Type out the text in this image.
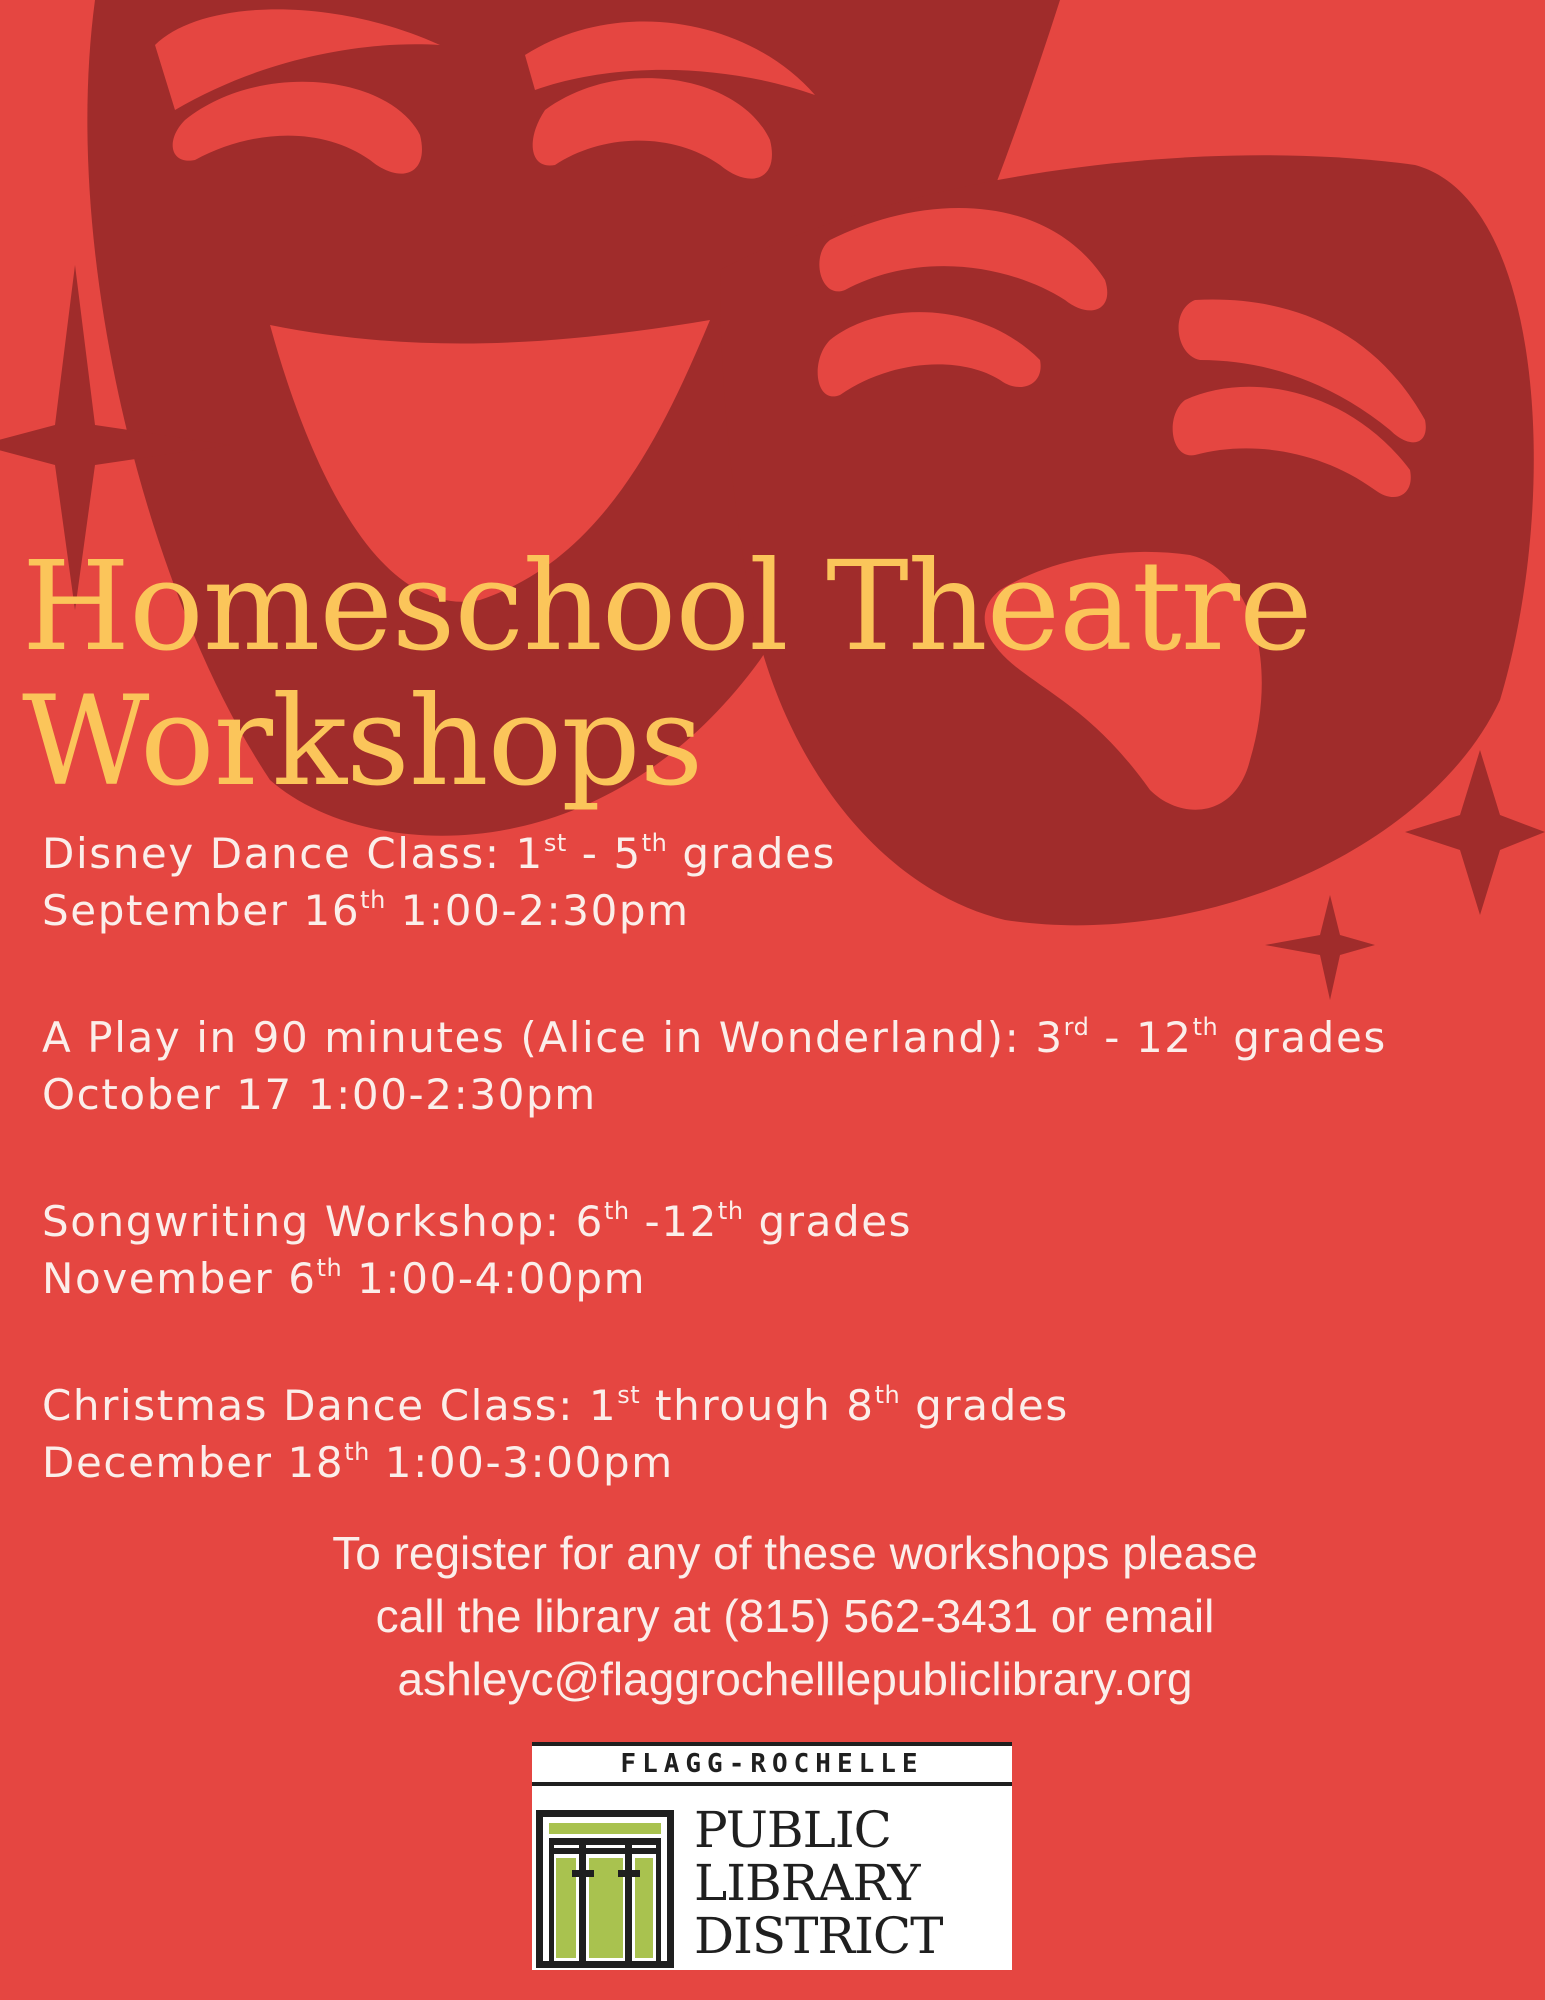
Homeschool Theatre
Workshops
Disney Dance Class: 1st - 5th grades
September 16th 1:00-2:30pm
A Play in 90 minutes (Alice in Wonderland): 3rd - 12th grades
October 17 1:00-2:30pm
Songwriting Workshop: 6th -12th grades
November 6th 1:00-4:00pm
Christmas Dance Class: 1st through 8th grades
December 18th 1:00-3:00pm
To register for any of these workshops please
call the library at (815) 562-3431 or email
ashleyc@flaggrochelllepubliclibrary.org
FLAGG-ROCHELLE
PUBLIC
LIBRARY
DISTRICT
